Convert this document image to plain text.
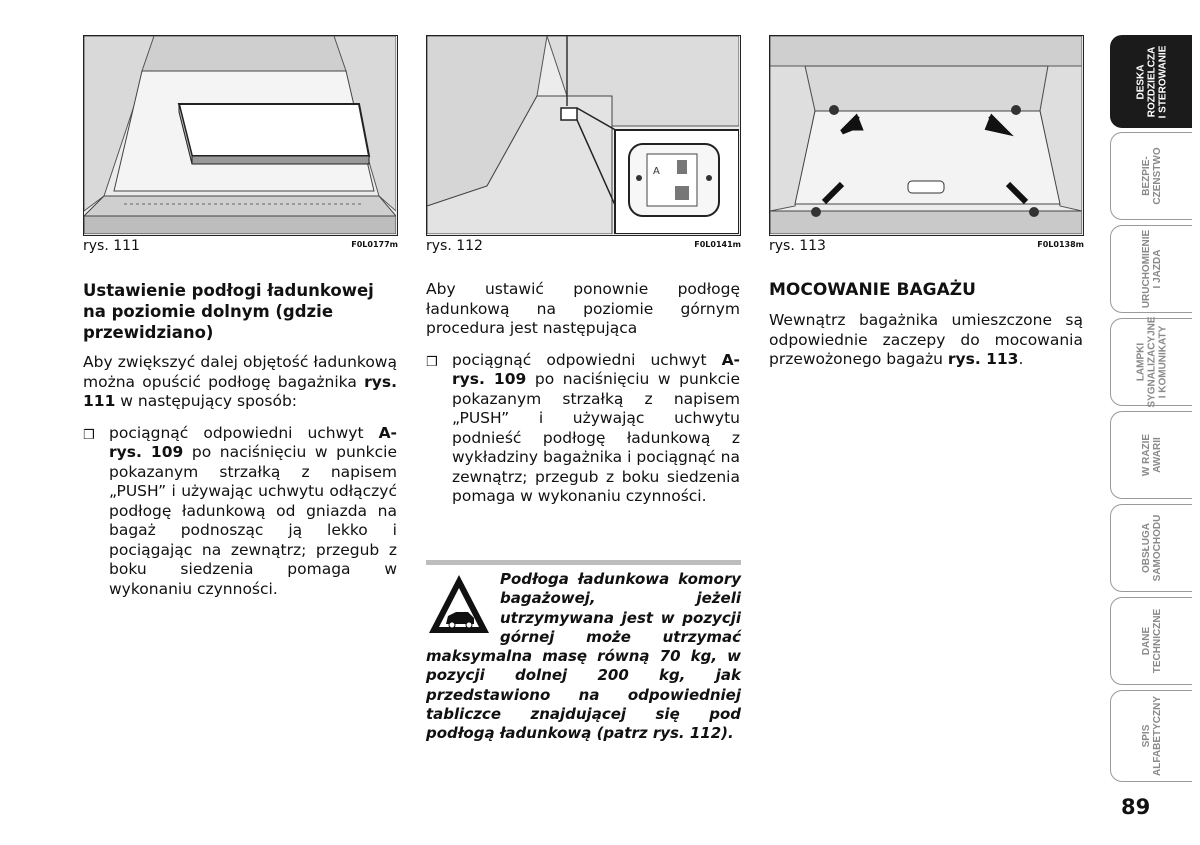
rys. 111	F0L0177m
A
rys. 112	F0L0141m rys. 113	F0L0138m
Ustawienie podłogi ładunkowej na poziomie dolnym (gdzie przewidziano)
Aby zwiększyć dalej objętość ładunkową można opuścić podłogę bagażnika rys. 111 w następujący sposób:
❒ pociągnąć odpowiedni uchwyt A-rys. 109 po naciśnięciu w punkcie pokazanym strzałką z napisem „PUSH” i używając uchwytu odłączyć podłogę ładunkową od gniazda na bagaż podnosząc ją lekko i pociągając na zewnątrz; przegub z boku siedzenia pomaga w wykonaniu czynności.
Aby ustawić ponownie podłogę ładunkową na poziomie górnym procedura jest następująca
❒ pociągnąć odpowiedni uchwyt A-rys. 109 po naciśnięciu w punkcie pokazanym strzałką z napisem „PUSH” i używając uchwytu podnieść podłogę ładunkową z wykładziny bagażnika i pociągnąć na zewnątrz; przegub z boku siedzenia pomaga w wykonaniu czynności.
Podłoga ładunkowa komory bagażowej, jeżeli utrzymywana jest w pozycji górnej może utrzymać maksymalna masę równą 70 kg, w pozycji dolnej 200 kg, jak przedstawiono na odpowiedniej tabliczce znajdującej się pod podłogą ładunkową (patrz rys. 112).
MOCOWANIE BAGAŻU
Wewnątrz bagażnika umieszczone są odpowiednie zaczepy do mocowania przewożonego bagażu rys. 113.
DESKA
ROZDZIELCZA
I STEROWANIE
BEZPIE-
CZENSTWO
URUCHOMIENIE
I JAZDA
LAMPKI
SYGNALIZACYJNE
I KOMUNIKATY
W RAZIE
AWARII
OBSŁUGA
SAMOCHODU
DANE
TECHNICZNE
SPIS
ALFABETYCZNY
89
